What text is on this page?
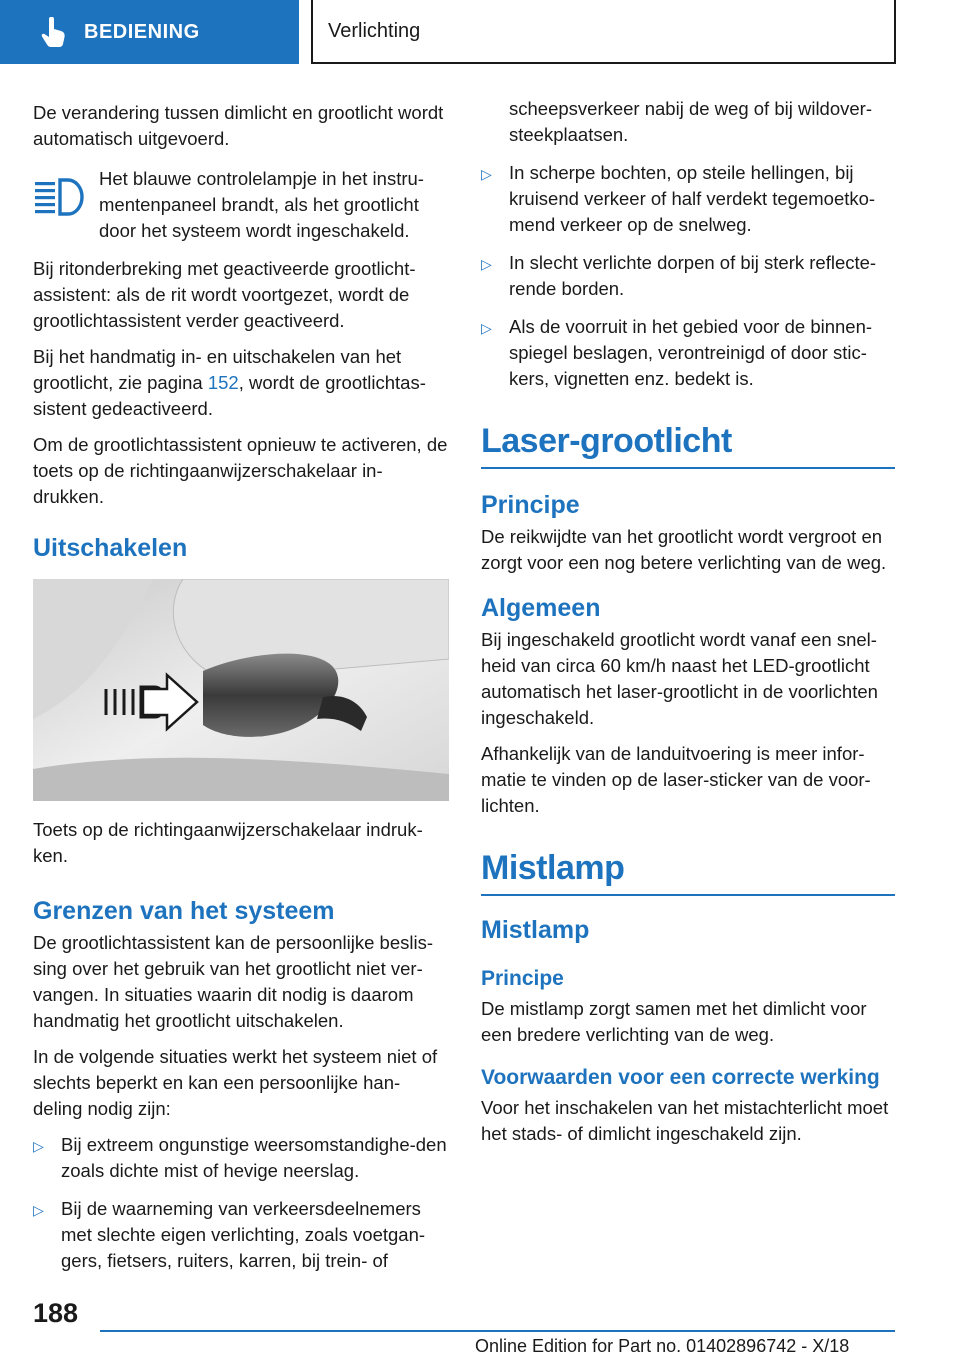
BEDIENING	Verlichting

De verandering tussen dimlicht en grootlicht wordt automatisch uitgevoerd.

Het blauwe controlelampje in het instru-mentenpaneel brandt, als het grootlicht door het systeem wordt ingeschakeld.

Bij ritonderbreking met geactiveerde grootlicht-assistent: als de rit wordt voortgezet, wordt de grootlichtassistent verder geactiveerd.

Bij het handmatig in- en uitschakelen van het grootlicht, zie pagina 152, wordt de grootlichtas-sistent gedeactiveerd.

Om de grootlichtassistent opnieuw te activeren, de toets op de richtingaanwijzerschakelaar in-drukken.

Uitschakelen

Toets op de richtingaanwijzerschakelaar indruk-ken.

Grenzen van het systeem

De grootlichtassistent kan de persoonlijke beslis-sing over het gebruik van het grootlicht niet ver-vangen. In situaties waarin dit nodig is daarom handmatig het grootlicht uitschakelen.

In de volgende situaties werkt het systeem niet of slechts beperkt en kan een persoonlijke han-deling nodig zijn:

▷ Bij extreem ongunstige weersomstandighe-den zoals dichte mist of hevige neerslag.
▷ Bij de waarneming van verkeersdeelnemers met slechte eigen verlichting, zoals voetgan-gers, fietsers, ruiters, karren, bij trein- of
scheepsverkeer nabij de weg of bij wildover-steekplaatsen.
▷ In scherpe bochten, op steile hellingen, bij kruisend verkeer of half verdekt tegemoetko-mend verkeer op de snelweg.
▷ In slecht verlichte dorpen of bij sterk reflecte-rende borden.
▷ Als de voorruit in het gebied voor de binnen-spiegel beslagen, verontreinigd of door stic-kers, vignetten enz. bedekt is.
Laser-grootlicht
Principe

De reikwijdte van het grootlicht wordt vergroot en zorgt voor een nog betere verlichting van de weg.

Algemeen

Bij ingeschakeld grootlicht wordt vanaf een snel-heid van circa 60 km/h naast het LED-grootlicht automatisch het laser-grootlicht in de voorlichten ingeschakeld.

Afhankelijk van de landuitvoering is meer infor-matie te vinden op de laser-sticker van de voor-lichten.

Mistlamp
Mistlamp
Principe

De mistlamp zorgt samen met het dimlicht voor een bredere verlichting van de weg.

Voorwaarden voor een correcte werking

Voor het inschakelen van het mistachterlicht moet het stads- of dimlicht ingeschakeld zijn.

188
Online Edition for Part no. 01402896742 - X/18
